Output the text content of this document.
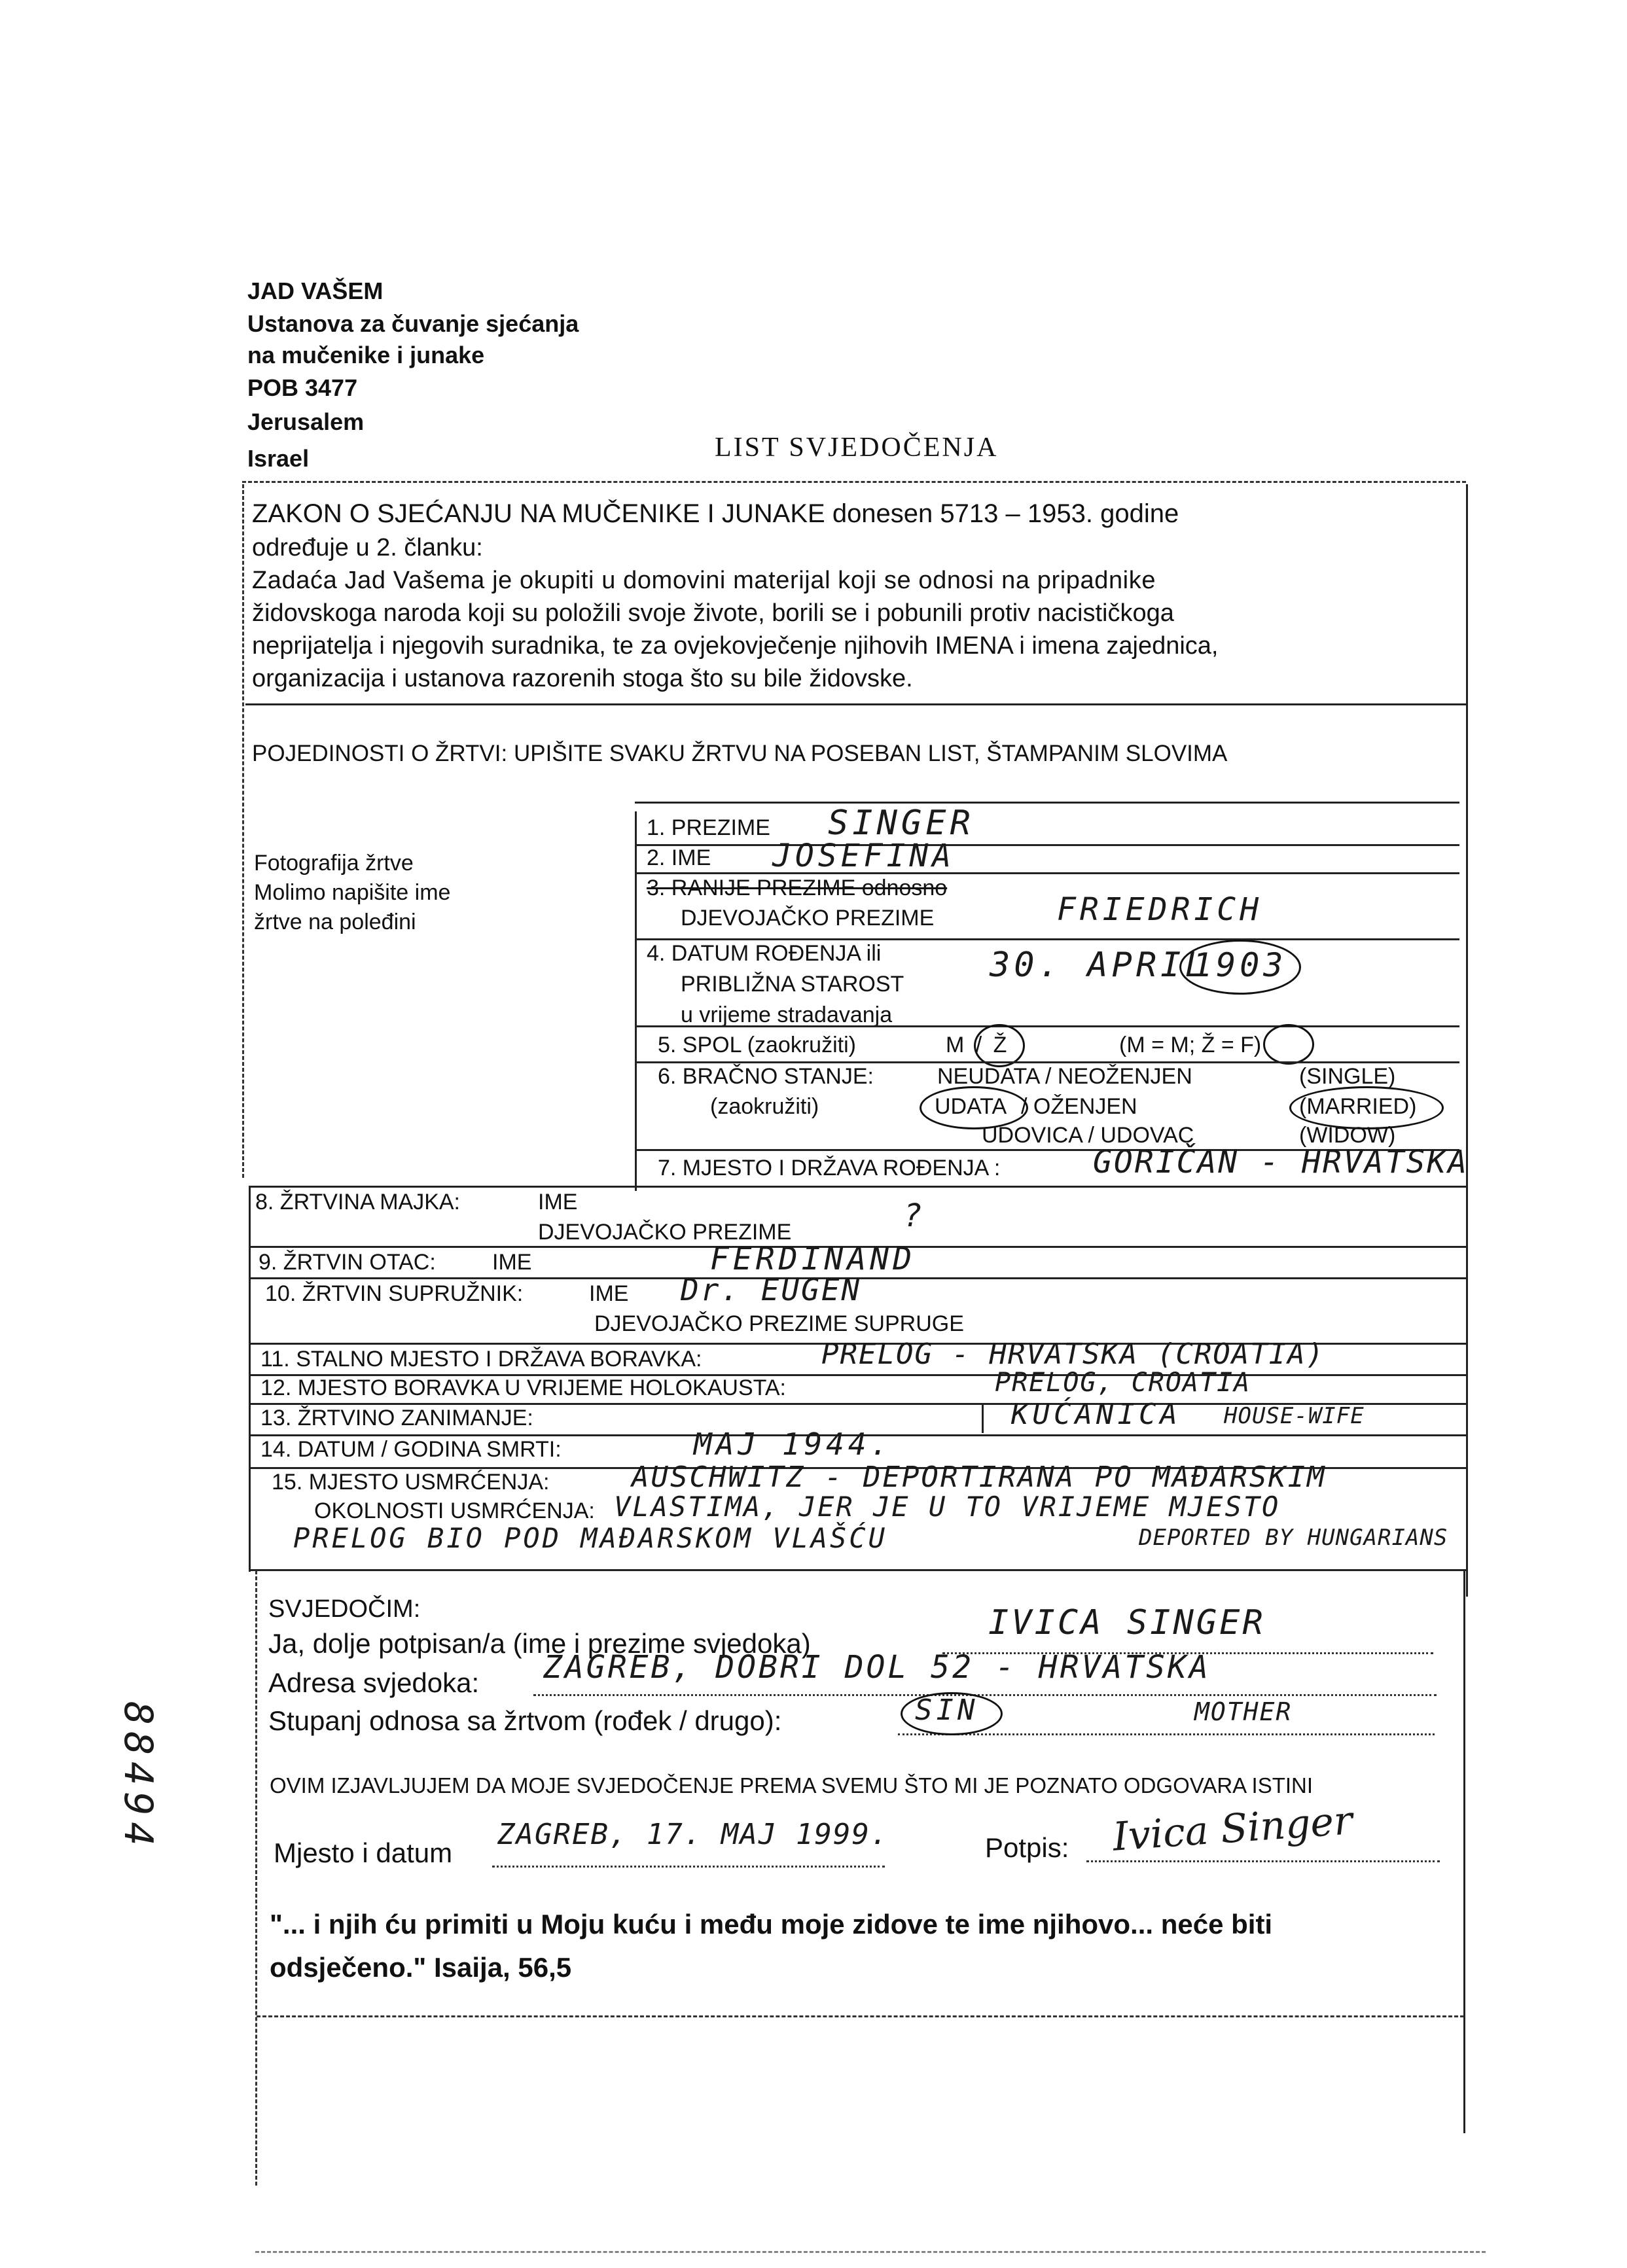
JAD VAŠEM
Ustanova za čuvanje sjećanja
na mučenike i junake
POB 3477
Jerusalem
Israel	LIST SVJEDOČENJA
ZAKON O SJEĆANJU NA MUČENIKE I JUNAKE donesen 5713 – 1953. godine
određuje u 2. članku:
Zadaća Jad Vašema je okupiti u domovini materijal koji se odnosi na pripadnike
židovskoga naroda koji su položili svoje živote, borili se i pobunili protiv nacističkoga
neprijatelja i njegovih suradnika, te za ovjekovječenje njihovih IMENA i imena zajednica,
organizacija i ustanova razorenih stoga što su bile židovske.
POJEDINOSTI O ŽRTVI: UPIŠITE SVAKU ŽRTVU NA POSEBAN LIST, ŠTAMPANIM SLOVIMA
Fotografija žrtve
Molimo napišite ime
žrtve na poleđini
1. PREZIME SINGER
2. IME JOSEFINA
3. RANIJE PREZIME odnosno
DJEVOJAČKO PREZIME	FRIEDRICH
4. DATUM ROĐENJA ili
PRIBLIŽNA STAROST
u vrijeme stradavanja
30. APRIL
1903
5. SPOL (zaokružiti)	M / Ž	(M = M; Ž = F)
6. BRAČNO STANJE:
(zaokružiti)
NEUDATA / NEOŽENJEN	(SINGLE)
UDATA / OŽENJEN	(MARRIED)
UDOVICA / UDOVAC	(WIDOW)
7. MJESTO I DRŽAVA ROĐENJA :	GORIČAN - HRVATSKA
8. ŽRTVINA MAJKA:	IME
DJEVOJAČKO PREZIME	?
9. ŽRTVIN OTAC:	IME	FERDINAND
10. ŽRTVIN SUPRUŽNIK:	IME Dr. EUGEN
DJEVOJAČKO PREZIME SUPRUGE
11. STALNO MJESTO I DRŽAVA BORAVKA:	PRELOG - HRVATSKA (CROATIA)
12. MJESTO BORAVKA U VRIJEME HOLOKAUSTA:	PRELOG, CROATIA
13. ŽRTVINO ZANIMANJE:	KUĆANICA HOUSE-WIFE
14. DATUM / GODINA SMRTI:	MAJ 1944.
15. MJESTO USMRĆENJA:	AUSCHWITZ - DEPORTIRANA PO MAĐARSKIM
OKOLNOSTI USMRĆENJA: VLASTIMA, JER JE U TO VRIJEME MJESTO
PRELOG BIO POD MAĐARSKOM VLAŠĆU	DEPORTED BY HUNGARIANS
88494
SVJEDOČIM:
Ja, dolje potpisan/a (ime i prezime svjedoka)
IVICA SINGER
Adresa svjedoka: ZAGREB, DOBRI DOL 52 - HRVATSKA
Stupanj odnosa sa žrtvom (rođek / drugo):	SIN	MOTHER
OVIM IZJAVLJUJEM DA MOJE SVJEDOČENJE PREMA SVEMU ŠTO MI JE POZNATO ODGOVARA ISTINI
Mjesto i datum
ZAGREB, 17. MAJ 1999.	Potpis: Ivica Singer
"... i njih ću primiti u Moju kuću i među moje zidove te ime njihovo... neće biti
odsječeno." Isaija, 56,5
